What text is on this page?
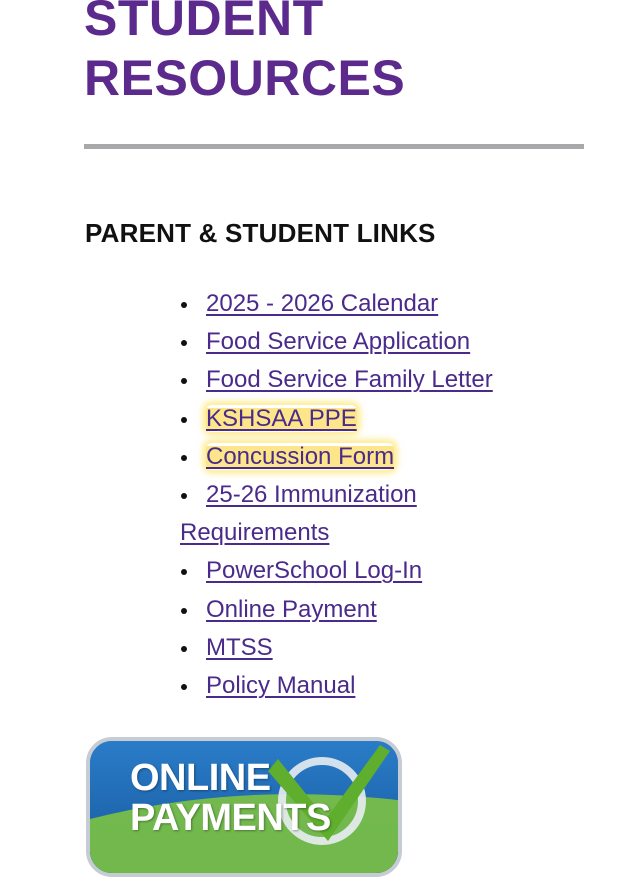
STUDENT
RESOURCES
PARENT & STUDENT LINKS
2025 - 2026 Calendar
Food Service Application
Food Service Family Letter
KSHSAA PPE
Concussion Form
25-26 Immunization
Requirements
PowerSchool Log-In
Online Payment
MTSS
Policy Manual

ONLINE

PAYMENTS
